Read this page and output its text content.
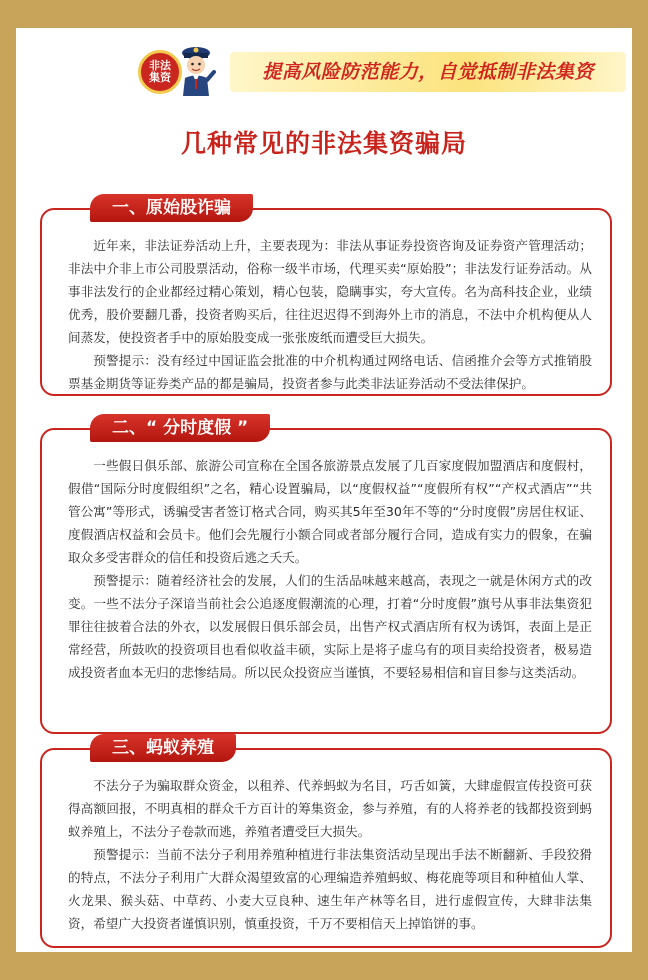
非法
集资	提高风险防范能力，自觉抵制非法集资
几种常见的非法集资骗局
一、原始股诈骗

近年来，非法证券活动上升，主要表现为：非法从事证券投资咨询及证券资产管理活动；非法中介非上市公司股票活动，俗称一级半市场，代理买卖“原始股”；非法发行证券活动。从事非法发行的企业都经过精心策划，精心包装，隐瞒事实，夸大宣传。名为高科技企业，业绩优秀，股价要翻几番，投资者购买后，往往迟迟得不到海外上市的消息，不法中介机构便从人间蒸发，使投资者手中的原始股变成一张张废纸而遭受巨大损失。

预警提示：没有经过中国证监会批准的中介机构通过网络电话、信函推介会等方式推销股票基金期货等证券类产品的都是骗局，投资者参与此类非法证券活动不受法律保护。

二、“ 分时度假 ”

一些假日俱乐部、旅游公司宣称在全国各旅游景点发展了几百家度假加盟酒店和度假村，假借“国际分时度假组织”之名，精心设置骗局，以“度假权益”“度假所有权”“产权式酒店”“共管公寓”等形式，诱骗受害者签订格式合同，购买其5年至30年不等的“分时度假”房居住权证、度假酒店权益和会员卡。他们会先履行小额合同或者部分履行合同，造成有实力的假象，在骗取众多受害群众的信任和投资后逃之夭夭。

预警提示：随着经济社会的发展，人们的生活品味越来越高，表现之一就是休闲方式的改变。一些不法分子深谙当前社会公追逐度假潮流的心理，打着“分时度假”旗号从事非法集资犯罪往往披着合法的外衣，以发展假日俱乐部会员，出售产权式酒店所有权为诱饵，表面上是正常经营，所鼓吹的投资项目也看似收益丰硕，实际上是将子虚乌有的项目卖给投资者，极易造成投资者血本无归的悲惨结局。所以民众投资应当谨慎，不要轻易相信和盲目参与这类活动。

三、蚂蚁养殖

不法分子为骗取群众资金，以租养、代养蚂蚁为名目，巧舌如簧，大肆虚假宣传投资可获得高额回报，不明真相的群众千方百计的筹集资金，参与养殖，有的人将养老的钱都投资到蚂蚁养殖上，不法分子卷款而逃，养殖者遭受巨大损失。

预警提示：当前不法分子利用养殖种植进行非法集资活动呈现出手法不断翻新、手段狡猾的特点，不法分子利用广大群众渴望致富的心理编造养殖蚂蚁、梅花鹿等项目和种植仙人掌、火龙果、猴头菇、中草药、小麦大豆良种、速生年产林等名目，进行虚假宣传，大肆非法集资，希望广大投资者谨慎识别，慎重投资，千万不要相信天上掉馅饼的事。
